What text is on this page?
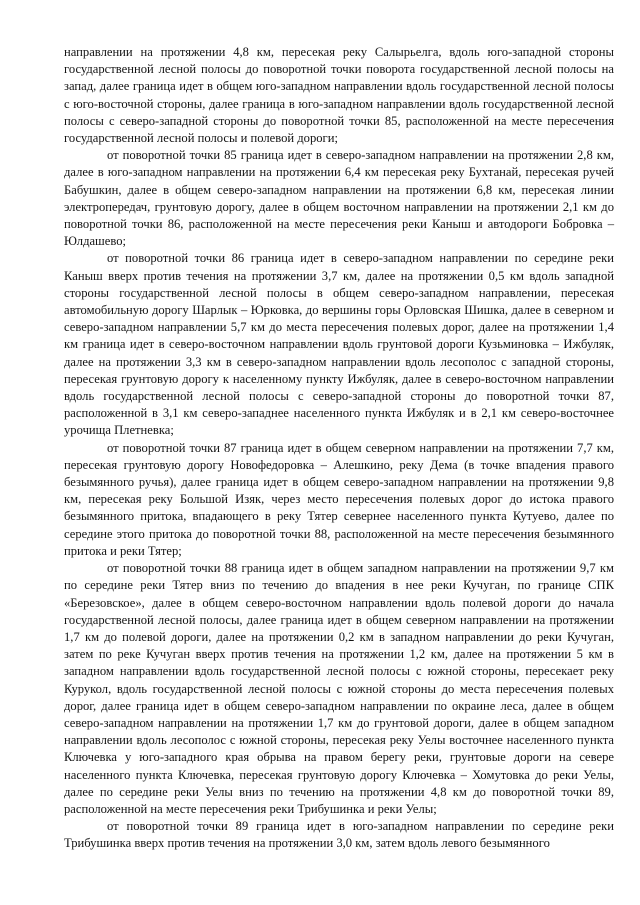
направлении на протяжении 4,8 км, пересекая реку Салырьелга, вдоль юго-западной стороны государственной лесной полосы до поворотной точки поворота государственной лесной полосы на запад, далее граница идет в общем юго-западном направлении вдоль государственной лесной полосы с юго-восточной стороны, далее граница в юго-западном направлении вдоль государственной лесной полосы с северо-западной стороны до поворотной точки 85, расположенной на месте пересечения государственной лесной полосы и полевой дороги;

от поворотной точки 85 граница идет в северо-западном направлении на протяжении 2,8 км, далее в юго-западном направлении на протяжении 6,4 км пересекая реку Бухтанай, пересекая ручей Бабушкин, далее в общем северо-западном направлении на протяжении 6,8 км, пересекая линии электропередач, грунтовую дорогу, далее в общем восточном направлении на протяжении 2,1 км до поворотной точки 86, расположенной на месте пересечения реки Каныш и автодороги Бобровка – Юлдашево;

от поворотной точки 86 граница идет в северо-западном направлении по середине реки Каныш вверх против течения на протяжении 3,7 км, далее на протяжении 0,5 км вдоль западной стороны государственной лесной полосы в общем северо-западном направлении, пересекая автомобильную дорогу Шарлык – Юрковка, до вершины горы Орловская Шишка, далее в северном и северо-западном направлении 5,7 км до места пересечения полевых дорог, далее на протяжении 1,4 км граница идет в северо-восточном направлении вдоль грунтовой дороги Кузьминовка – Ижбуляк, далее на протяжении 3,3 км в северо-западном направлении вдоль лесополос с западной стороны, пересекая грунтовую дорогу к населенному пункту Ижбуляк, далее в северо-восточном направлении вдоль государственной лесной полосы с северо-западной стороны до поворотной точки 87, расположенной в 3,1 км северо-западнее населенного пункта Ижбуляк и в 2,1 км северо-восточнее урочища Плетневка;

от поворотной точки 87 граница идет в общем северном направлении на протяжении 7,7 км, пересекая грунтовую дорогу Новофедоровка – Алешкино, реку Дема (в точке впадения правого безымянного ручья), далее граница идет в общем северо-западном направлении на протяжении 9,8 км, пересекая реку Большой Изяк, через место пересечения полевых дорог до истока правого безымянного притока, впадающего в реку Тятер севернее населенного пункта Кутуево, далее по середине этого притока до поворотной точки 88, расположенной на месте пересечения безымянного притока и реки Тятер;

от поворотной точки 88 граница идет в общем западном направлении на протяжении 9,7 км по середине реки Тятер вниз по течению до впадения в нее реки Кучуган, по границе СПК «Березовское», далее в общем северо-восточном направлении вдоль полевой дороги до начала государственной лесной полосы, далее граница идет в общем северном направлении на протяжении 1,7 км до полевой дороги, далее на протяжении 0,2 км в западном направлении до реки Кучуган, затем по реке Кучуган вверх против течения на протяжении 1,2 км, далее на протяжении 5 км в западном направлении вдоль государственной лесной полосы с южной стороны, пересекает реку Курукол, вдоль государственной лесной полосы с южной стороны до места пересечения полевых дорог, далее граница идет в общем северо-западном направлении по окраине леса, далее в общем северо-западном направлении на протяжении 1,7 км до грунтовой дороги, далее в общем западном направлении вдоль лесополос с южной стороны, пересекая реку Уелы восточнее населенного пункта Ключевка у юго-западного края обрыва на правом берегу реки, грунтовые дороги на севере населенного пункта Ключевка, пересекая грунтовую дорогу Ключевка – Хомутовка до реки Уелы, далее по середине реки Уелы вниз по течению на протяжении 4,8 км до поворотной точки 89, расположенной на месте пересечения реки Трибушинка и реки Уелы;

от поворотной точки 89 граница идет в юго-западном направлении по середине реки Трибушинка вверх против течения на протяжении 3,0 км, затем вдоль левого безымянного
